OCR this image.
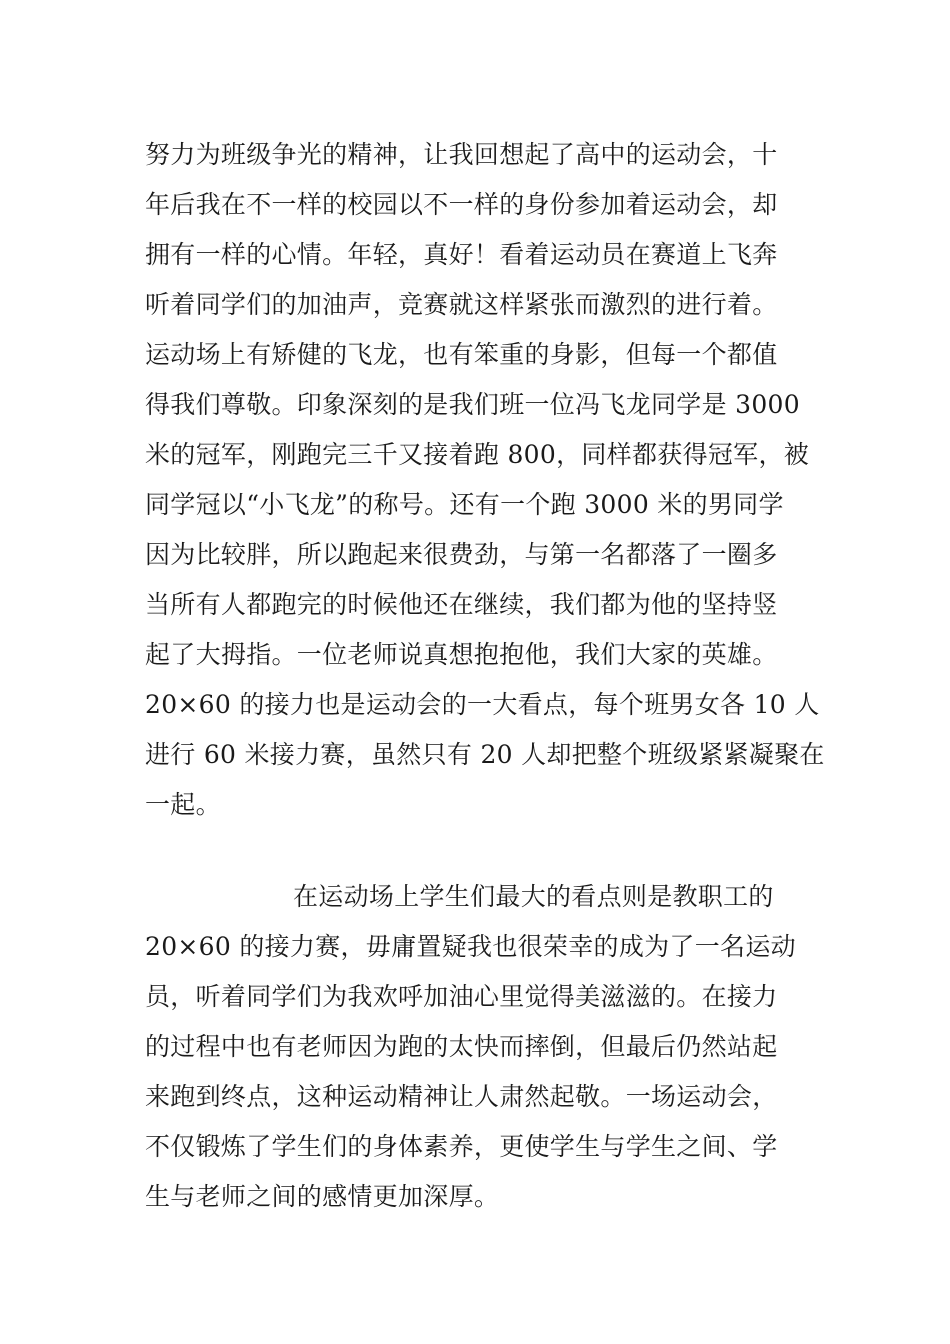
努力为班级争光的精神，让我回想起了高中的运动会，十
年后我在不一样的校园以不一样的身份参加着运动会，却
拥有一样的心情。年轻，真好！看着运动员在赛道上飞奔
听着同学们的加油声，竞赛就这样紧张而激烈的进行着。
运动场上有矫健的飞龙，也有笨重的身影，但每一个都值
得我们尊敬。印象深刻的是我们班一位冯飞龙同学是 3000
米的冠军，刚跑完三千又接着跑 800，同样都获得冠军，被
同学冠以“小飞龙”的称号。还有一个跑 3000 米的男同学
因为比较胖，所以跑起来很费劲，与第一名都落了一圈多
当所有人都跑完的时候他还在继续，我们都为他的坚持竖
起了大拇指。一位老师说真想抱抱他，我们大家的英雄。
20×60 的接力也是运动会的一大看点，每个班男女各 10 人
进行 60 米接力赛，虽然只有 20 人却把整个班级紧紧凝聚在
一起。
在运动场上学生们最大的看点则是教职工的
20×60 的接力赛，毋庸置疑我也很荣幸的成为了一名运动
员，听着同学们为我欢呼加油心里觉得美滋滋的。在接力
的过程中也有老师因为跑的太快而摔倒，但最后仍然站起
来跑到终点，这种运动精神让人肃然起敬。一场运动会，
不仅锻炼了学生们的身体素养，更使学生与学生之间、学
生与老师之间的感情更加深厚。
